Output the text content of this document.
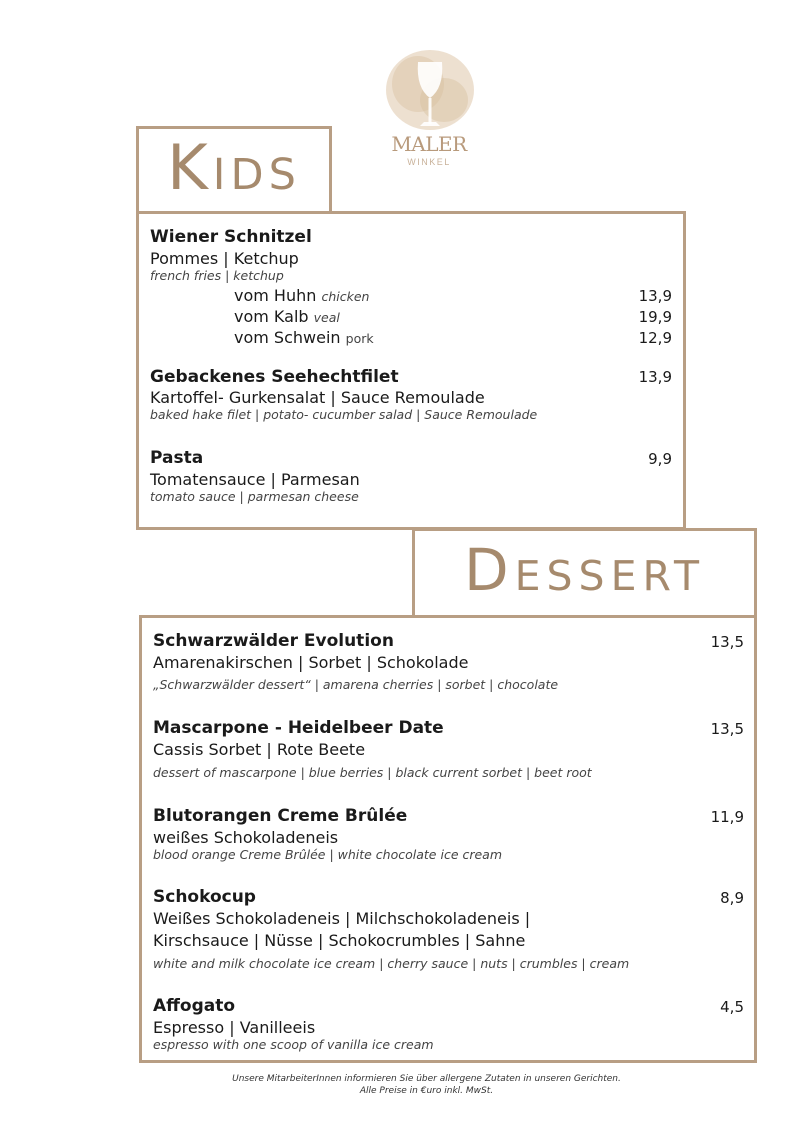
MALER
WINKEL
Kids
Wiener Schnitzel
Pommes | Ketchup
french fries | ketchup
vom Huhn chicken	13,9
vom Kalb veal	19,9
vom Schwein pork	12,9
Gebackenes Seehechtfilet	13,9
Kartoffel- Gurkensalat | Sauce Remoulade
baked hake filet | potato- cucumber salad | Sauce Remoulade
Pasta	9,9
Tomatensauce | Parmesan
tomato sauce | parmesan cheese
Dessert
Schwarzwälder Evolution	13,5
Amarenakirschen | Sorbet | Schokolade
„Schwarzwälder dessert“ | amarena cherries | sorbet | chocolate
Mascarpone - Heidelbeer Date	13,5
Cassis Sorbet | Rote Beete
dessert of mascarpone | blue berries | black current sorbet | beet root
Blutorangen Creme Brûlée	11,9
weißes Schokoladeneis
blood orange Creme Brûlée | white chocolate ice cream
Schokocup	8,9
Weißes Schokoladeneis | Milchschokoladeneis |
Kirschsauce | Nüsse | Schokocrumbles | Sahne
white and milk chocolate ice cream | cherry sauce | nuts | crumbles | cream
Affogato	4,5
Espresso | Vanilleeis
espresso with one scoop of vanilla ice cream
Unsere MitarbeiterInnen informieren Sie über allergene Zutaten in unseren Gerichten.
Alle Preise in €uro inkl. MwSt.
